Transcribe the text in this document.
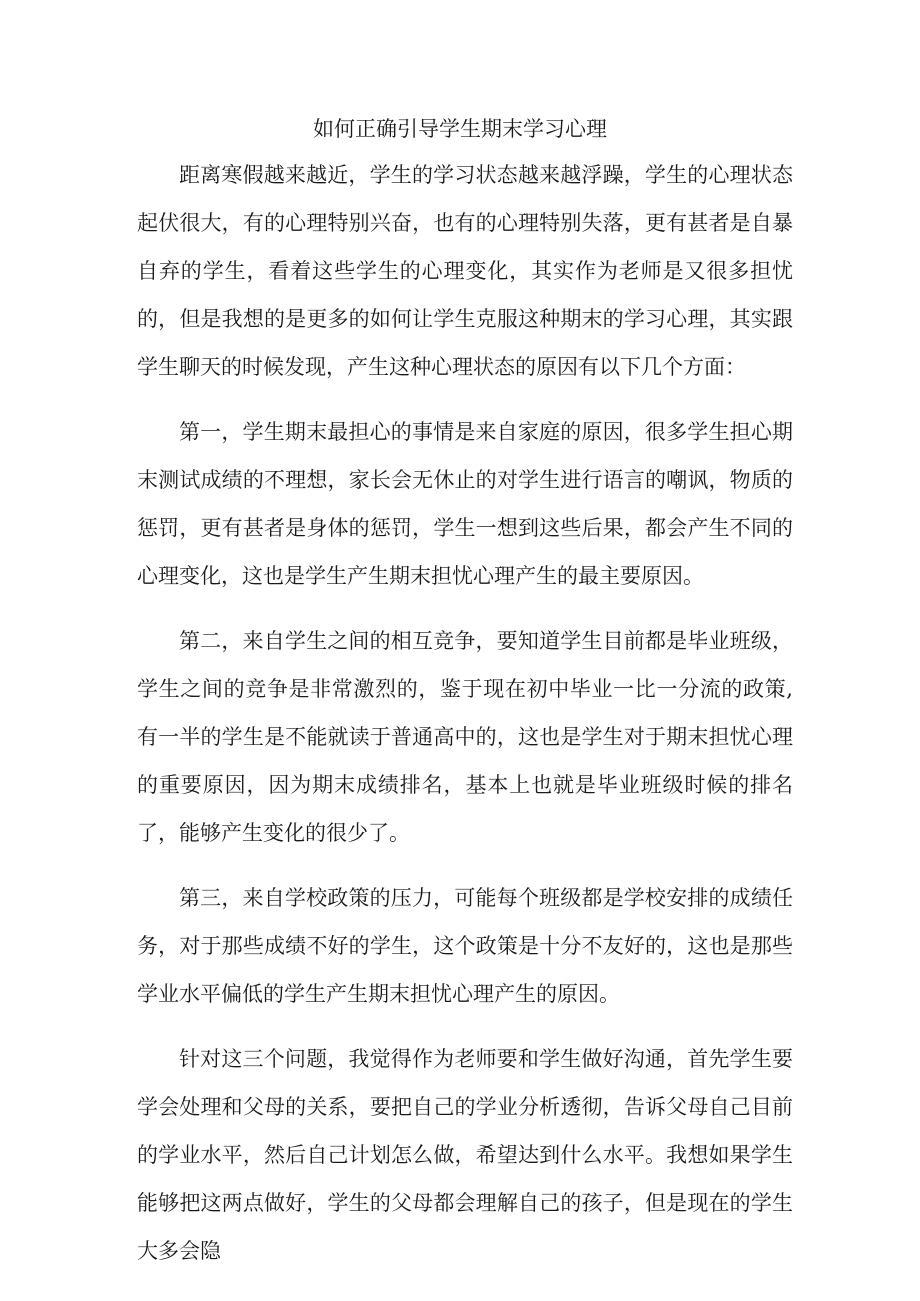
如何正确引导学生期末学习心理

距离寒假越来越近，学生的学习状态越来越浮躁，学生的心理状态起伏很大，有的心理特别兴奋，也有的心理特别失落，更有甚者是自暴自弃的学生，看着这些学生的心理变化，其实作为老师是又很多担忧的，但是我想的是更多的如何让学生克服这种期末的学习心理，其实跟学生聊天的时候发现，产生这种心理状态的原因有以下几个方面：

第一，学生期末最担心的事情是来自家庭的原因，很多学生担心期末测试成绩的不理想，家长会无休止的对学生进行语言的嘲讽，物质的惩罚，更有甚者是身体的惩罚，学生一想到这些后果，都会产生不同的心理变化，这也是学生产生期末担忧心理产生的最主要原因。

第二，来自学生之间的相互竞争，要知道学生目前都是毕业班级，学生之间的竞争是非常激烈的，鉴于现在初中毕业一比一分流的政策,有一半的学生是不能就读于普通高中的，这也是学生对于期末担忧心理的重要原因，因为期末成绩排名，基本上也就是毕业班级时候的排名了，能够产生变化的很少了。

第三，来自学校政策的压力，可能每个班级都是学校安排的成绩任务，对于那些成绩不好的学生，这个政策是十分不友好的，这也是那些学业水平偏低的学生产生期末担忧心理产生的原因。

针对这三个问题，我觉得作为老师要和学生做好沟通，首先学生要学会处理和父母的关系，要把自己的学业分析透彻，告诉父母自己目前的学业水平，然后自己计划怎么做，希望达到什么水平。我想如果学生能够把这两点做好，学生的父母都会理解自己的孩子，但是现在的学生大多会隐
